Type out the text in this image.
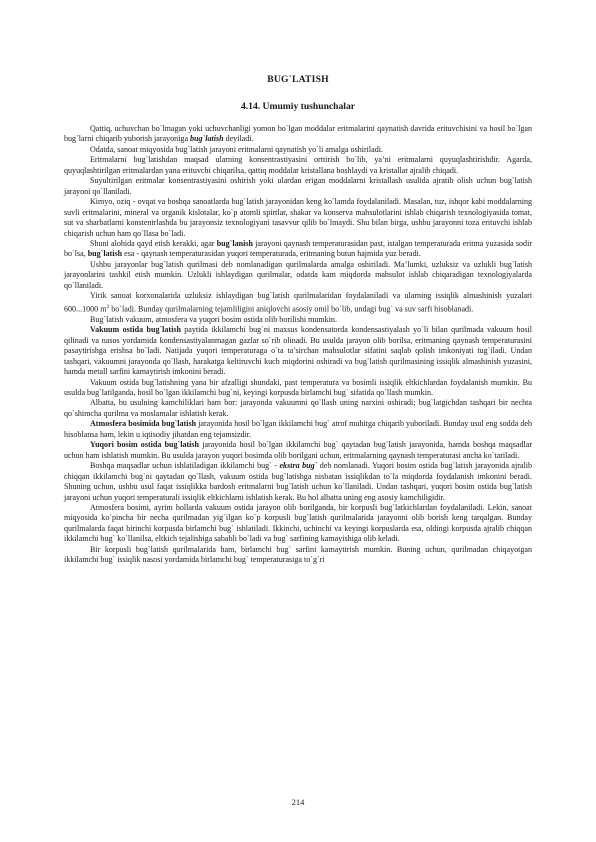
BUG`LATISH
4.14. Umumiy tushunchalar

Qattiq, uchuvchan bo`lmagan yoki uchuvchanligi yomon bo`lgan moddalar eritmalarini qaynatish davrida erituvchisini va hosil bo`lgan bug`larni chiqarib yuborish jarayoniga bug`latish deyiladi.

Odatda, sanoat miqyosida bug`latish jarayoni eritmalarni qaynatish yo`li amalga oshiriladi.

Eritmalarni bug`latishdan maqsad ularning konsentrastiyasini orttirish bo`lib, ya’ni eritmalarni quyuqlashtirishdir. Agarda, quyuqlashtirilgan eritmalardan yana erituvchi chiqarilsa, qattiq moddalar kristallana boshlaydi va kristallar ajralib chiqadi.

Suyultirilgan eritmalar konsentrastiyasini oshirish yoki ulardan erigan moddalarni kristallash usulida ajratib olish uchun bug`latish jarayoni qo`llaniladi.

Kimyo, oziq - ovqat va boshqa sanoatlarda bug`latish jarayonidan keng ko`lamda foydalaniladi. Masalan, tuz, ishqor kabi moddalarning suvli eritmalarini, mineral va organik kislotalar, ko`p atomli spirtlar, shakar va konserva mahsulotlarini ishlab chiqarish texnologiyasida tomat, sut va sharbatlarni konstentrlashda bu jarayonsiz texnologiyani tasavvur qilib bo`lmaydi. Shu bilan birga, ushbu jarayonni toza erituvchi ishlab chiqarish uchun ham qo`llasa bo`ladi.

Shuni alohida qayd etish kerakki, agar bug`lanish jarayoni qaynash temperaturasidan past, istalgan temperaturada eritma yuzasida sodir bo`lsa, bug`latish esa - qaynash temperaturasidan yuqori temperaturada, eritmaning butun hajmida yuz beradi.

Ushbu jarayonlar bug`latish qurilmasi deb nomlanadigan qurilmalarda amalga oshiriladi. Ma’lumki, uzluksiz va uzlukli bug`latish jarayonlarini tashkil etish mumkin. Uzlukli ishlaydigan qurilmalar, odatda kam miqdorda mahsulot ishlab chiqaradigan texnologiyalarda qo`llaniladi.

Yirik sanoat korxonalarida uzluksiz ishlaydigan bug`latish qurilmalaridan foydalaniladi va ularning issiqlik almashinish yuzalari 600...1000 $m^2$ bo`ladi. Bunday qurilmalarning tejamliligini aniqlovchi asosiy omil bo`lib, undagi bug` va suv sarfi hisoblanadi.

Bug`latish vakuum, atmosfera va yuqori bosim ostida olib borilishi mumkin.

Vakuum ostida bug`latish paytida ikkilamchi bug`ni maxsus kondensatorda kondensastiyalash yo`li bilan qurilmada vakuum hosil qilinadi va nasos yordamida kondensastiyalanmagan gazlar so`rib olinadi. Bu usulda jarayon olib borilsa, eritmaning qaynash temperaturasini pasaytirishga erishsa bo`ladi. Natijada yuqori temperaturaga o`ta ta’sirchan mahsulotlar sifatini saqlab qolish imkoniyati tug`iladi. Undan tashqari, vakuumni jarayonda qo`llash, harakatga keltiruvchi kuch miqdorini oshiradi va bug`latish qurilmasining issiqlik almashinish yuzasini, hamda metall sarfini kamaytirish imkonini beradi.

Vakuum ostida bug`latishning yana bir afzalligi shundaki, past temperatura va bosimli issiqlik eltkichlardan foydalanish mumkin. Bu usulda bug`latilganda, hosil bo`lgan ikkilamchi bug`ni, keyingi korpusda birlamchi bug` sifatida qo`llash mumkin.

Albatta, bu usulning kamchiliklari ham bor: jarayonda vakuumni qo`llash uning narxini oshiradi; bug`latgichdan tashqari bir nechta qo`shimcha qurilma va moslamalar ishlatish kerak.

Atmosfera bosimida bug`latish jarayonida hosil bo`lgan ikkilamchi bug` atrof muhitga chiqarib yuboriladi. Bunday usul eng sodda deb hisoblansa ham, lekin u iqtisodiy jihatdan eng tejamsizdir.

Yuqori bosim ostida bug`latish jarayonida hosil bo`lgan ikkilamchi bug` qaytadan bug`latish jarayonida, hamda boshqa maqsadlar uchun ham ishlatish mumkin. Bu usulda jarayon yuqori bosimda olib borilgani uchun, eritmalarning qaynash temperaturasi ancha ko`tariladi.

Boshqa maqsadlar uchun ishlatiladigan ikkilamchi bug` - ekstra bug` deb nomlanadi. Yuqori bosim ostida bug`latish jarayonida ajralib chiqqan ikkilamchi bug`ni qaytadan qo`llash, vakuum ostida bug`latishga nisbatan issiqlikdan to`la miqdorda foydalanish imkonini beradi. Shuning uchun, ushbu usul faqat issiqlikka bardosh eritmalarni bug`latish uchun ko`llaniladi. Undan tashqari, yuqori bosim ostida bug`latish jarayoni uchun yuqori temperaturali issiqlik eltkichlarni ishlatish kerak. Bu hol albatta uning eng asosiy kamchiligidir.

Atmosfera bosimi, ayrim hollarda vakuum ostida jarayon olib borilganda, bir korpusli bug`latkichlardan foydalaniladi. Lekin, sanoat miqyosida ko`pincha bir necha qurilmadan yig`ilgan ko`p korpusli bug`latish qurilmalarida jarayonni olib borish keng tarqalgan. Bunday qurilmalarda faqat birinchi korpusda birlamchi bug` ishlatiladi. Ikkinchi, uchinchi va keyingi korpuslarda esa, oldingi korpusda ajralib chiqqan ikkilamchi bug` ko`llanilsa, eltkich tejalishiga sababli bo`ladi va bug` sarfining kamayishiga olib keladi.

Bir korpusli bug`latish qurilmalarida ham, birlamchi bug` sarfini kamaytirish mumkin. Buning uchun, qurilmadan chiqayotgan ikkilamchi bug` issiqlik nasosi yordamida birlamchi bug` temperaturasiga to`g`ri

214
